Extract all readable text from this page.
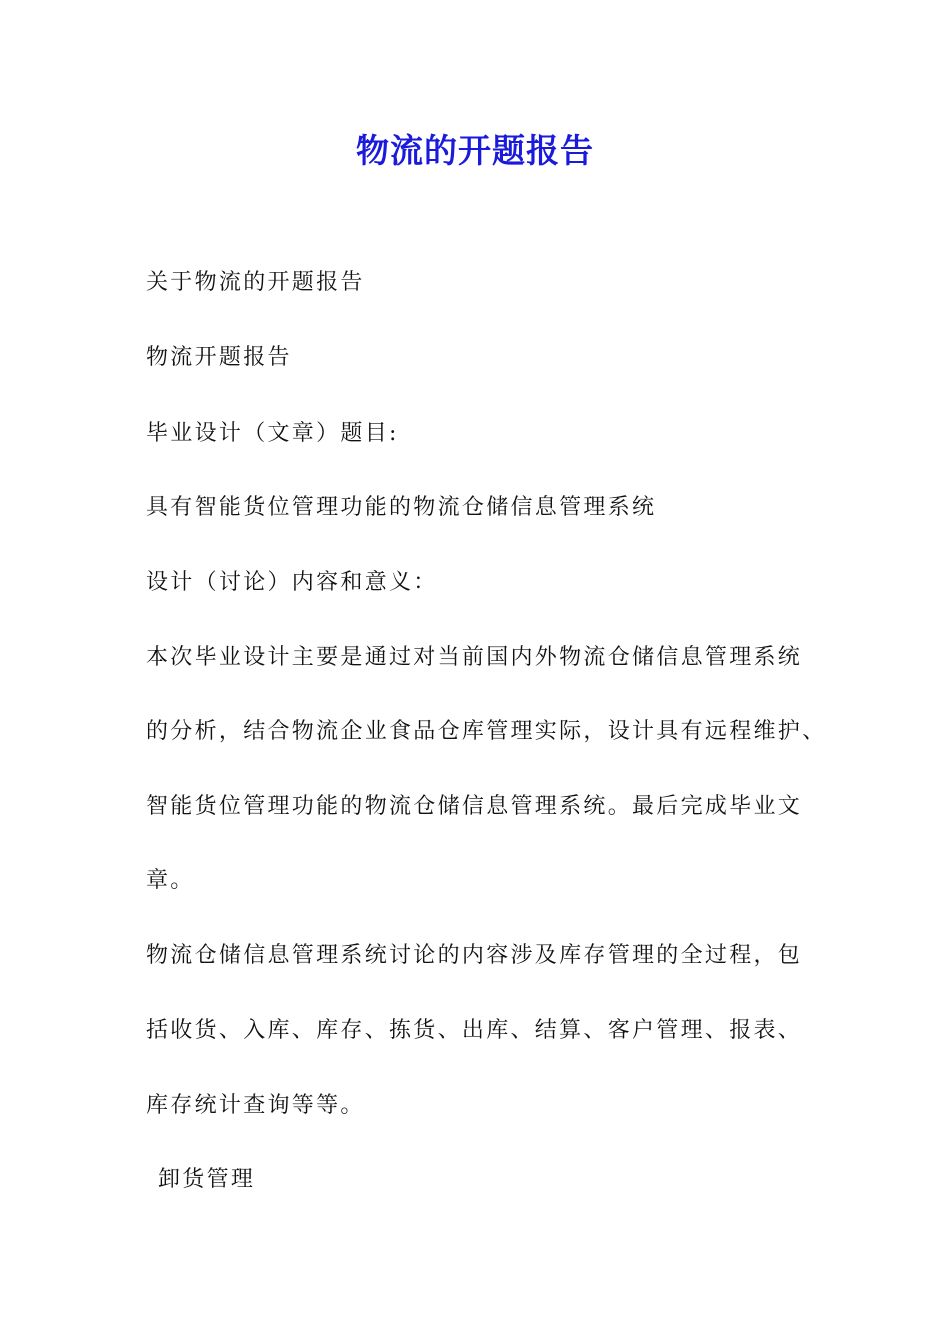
物流的开题报告
关于物流的开题报告
物流开题报告
毕业设计（文章）题目:
具有智能货位管理功能的物流仓储信息管理系统
设计（讨论）内容和意义：
本次毕业设计主要是通过对当前国内外物流仓储信息管理系统
的分析，结合物流企业食品仓库管理实际，设计具有远程维护、
智能货位管理功能的物流仓储信息管理系统。最后完成毕业文
章。
物流仓储信息管理系统讨论的内容涉及库存管理的全过程，包
括收货、入库、库存、拣货、出库、结算、客户管理、报表、
库存统计查询等等。
卸货管理
